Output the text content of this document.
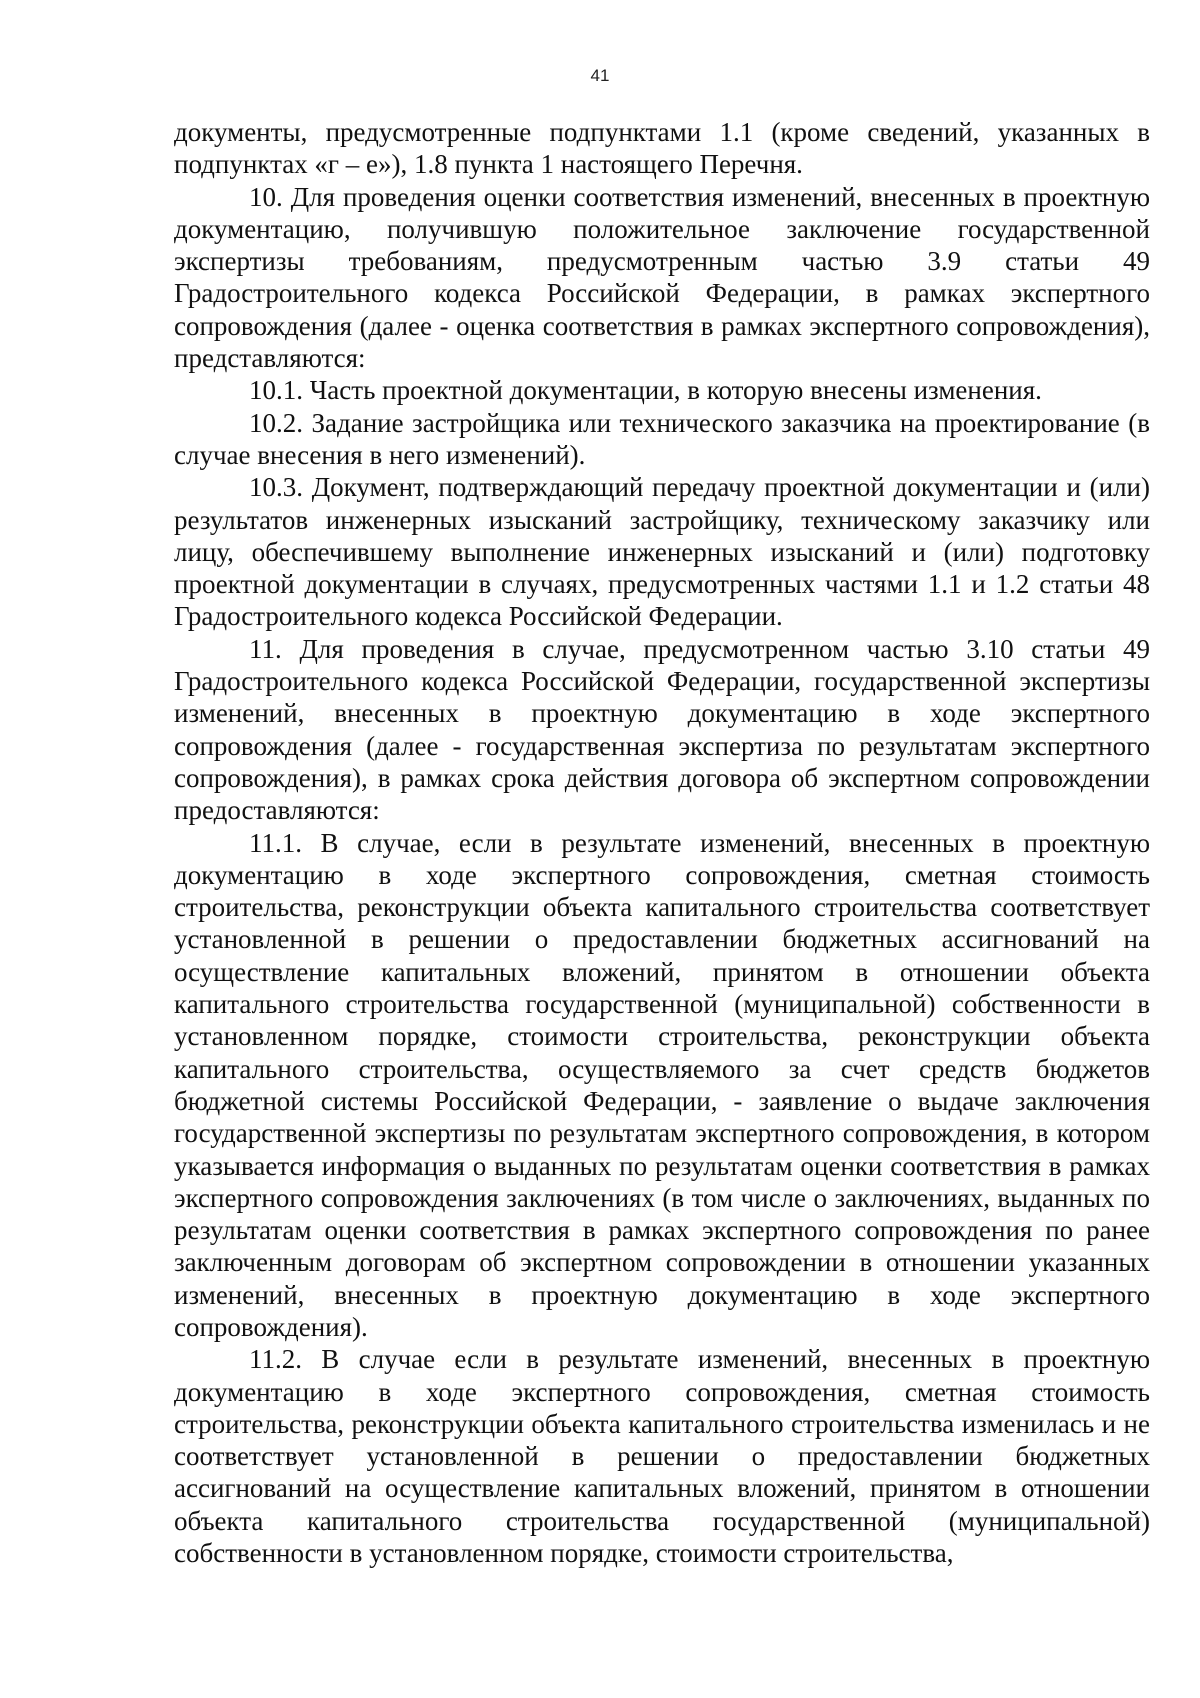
41

документы, предусмотренные подпунктами 1.1 (кроме сведений, указанных в подпунктах «г – е»), 1.8 пункта 1 настоящего Перечня.

10. Для проведения оценки соответствия изменений, внесенных в проектную документацию, получившую положительное заключение государственной экспертизы требованиям, предусмотренным частью 3.9 статьи 49 Градостроительного кодекса Российской Федерации, в рамках экспертного сопровождения (далее - оценка соответствия в рамках экспертного сопровождения), представляются:

10.1. Часть проектной документации, в которую внесены изменения.

10.2. Задание застройщика или технического заказчика на проектирование (в случае внесения в него изменений).

10.3. Документ, подтверждающий передачу проектной документации и (или) результатов инженерных изысканий застройщику, техническому заказчику или лицу, обеспечившему выполнение инженерных изысканий и (или) подготовку проектной документации в случаях, предусмотренных частями 1.1 и 1.2 статьи 48 Градостроительного кодекса Российской Федерации.

11. Для проведения в случае, предусмотренном частью 3.10 статьи 49 Градостроительного кодекса Российской Федерации, государственной экспертизы изменений, внесенных в проектную документацию в ходе экспертного сопровождения (далее - государственная экспертиза по результатам экспертного сопровождения), в рамках срока действия договора об экспертном сопровождении предоставляются:

11.1. В случае, если в результате изменений, внесенных в проектную документацию в ходе экспертного сопровождения, сметная стоимость строительства, реконструкции объекта капитального строительства соответствует установленной в решении о предоставлении бюджетных ассигнований на осуществление капитальных вложений, принятом в отношении объекта капитального строительства государственной (муниципальной) собственности в установленном порядке, стоимости строительства, реконструкции объекта капитального строительства, осуществляемого за счет средств бюджетов бюджетной системы Российской Федерации, - заявление о выдаче заключения государственной экспертизы по результатам экспертного сопровождения, в котором указывается информация о выданных по результатам оценки соответствия в рамках экспертного сопровождения заключениях (в том числе о заключениях, выданных по результатам оценки соответствия в рамках экспертного сопровождения по ранее заключенным договорам об экспертном сопровождении в отношении указанных изменений, внесенных в проектную документацию в ходе экспертного сопровождения).

11.2. В случае если в результате изменений, внесенных в проектную документацию в ходе экспертного сопровождения, сметная стоимость строительства, реконструкции объекта капитального строительства изменилась и не соответствует установленной в решении о предоставлении бюджетных ассигнований на осуществление капитальных вложений, принятом в отношении объекта капитального строительства государственной (муниципальной) собственности в установленном порядке, стоимости строительства,
